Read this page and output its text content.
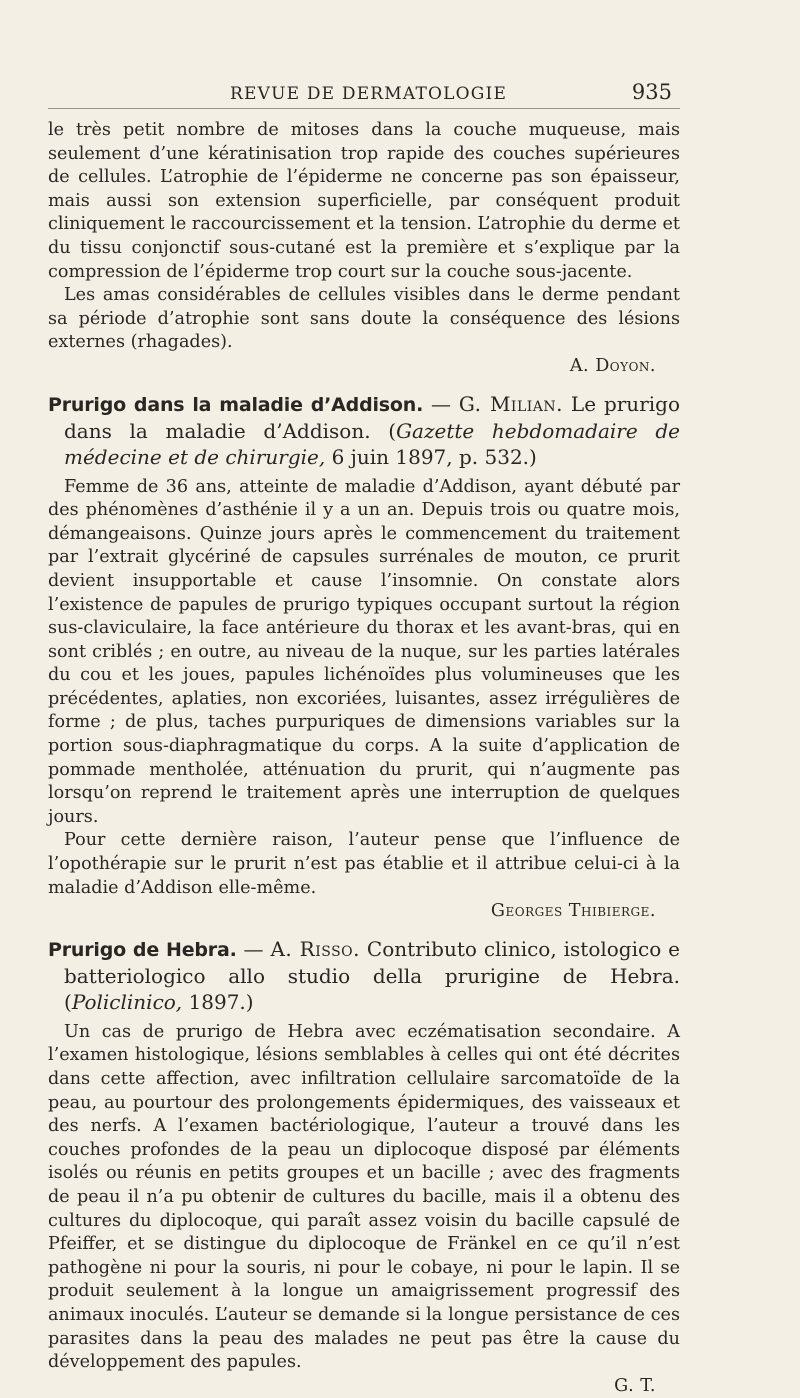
REVUE DE DERMATOLOGIE	935

le très petit nombre de mitoses dans la couche muqueuse, mais seulement d’une kératinisation trop rapide des couches supérieures de cellules. L’atrophie de l’épiderme ne concerne pas son épaisseur, mais aussi son extension superficielle, par conséquent produit cliniquement le raccourcissement et la tension. L’atrophie du derme et du tissu conjonctif sous-cutané est la première et s’explique par la compression de l’épiderme trop court sur la couche sous-jacente.

Les amas considérables de cellules visibles dans le derme pendant sa période d’atrophie sont sans doute la conséquence des lésions externes (rhagades).

A. Doyon.
Prurigo dans la maladie d’Addison. — G. Milian. Le prurigo dans la maladie d’Addison. (Gazette hebdomadaire de médecine et de chirurgie, 6 juin 1897, p. 532.)

Femme de 36 ans, atteinte de maladie d’Addison, ayant débuté par des phénomènes d’asthénie il y a un an. Depuis trois ou quatre mois, démangeaisons. Quinze jours après le commencement du traitement par l’extrait glycériné de capsules surrénales de mouton, ce prurit devient insupportable et cause l’insomnie. On constate alors l’existence de papules de prurigo typiques occupant surtout la région sus-claviculaire, la face antérieure du thorax et les avant-bras, qui en sont criblés ; en outre, au niveau de la nuque, sur les parties latérales du cou et les joues, papules lichénoïdes plus volumineuses que les précédentes, aplaties, non excoriées, luisantes, assez irrégulières de forme ; de plus, taches purpuriques de dimensions variables sur la portion sous-diaphragmatique du corps. A la suite d’application de pommade mentholée, atténuation du prurit, qui n’augmente pas lorsqu’on reprend le traitement après une interruption de quelques jours.

Pour cette dernière raison, l’auteur pense que l’influence de l’opothérapie sur le prurit n’est pas établie et il attribue celui-ci à la maladie d’Addison elle-même.

Georges Thibierge.
Prurigo de Hebra. — A. Risso. Contributo clinico, istologico e batteriologico allo studio della prurigine de Hebra. (Policlinico, 1897.)

Un cas de prurigo de Hebra avec eczématisation secondaire. A l’examen histologique, lésions semblables à celles qui ont été décrites dans cette affection, avec infiltration cellulaire sarcomatoïde de la peau, au pourtour des prolongements épidermiques, des vaisseaux et des nerfs. A l’examen bactériologique, l’auteur a trouvé dans les couches profondes de la peau un diplocoque disposé par éléments isolés ou réunis en petits groupes et un bacille ; avec des fragments de peau il n’a pu obtenir de cultures du bacille, mais il a obtenu des cultures du diplocoque, qui paraît assez voisin du bacille capsulé de Pfeiffer, et se distingue du diplocoque de Fränkel en ce qu’il n’est pathogène ni pour la souris, ni pour le cobaye, ni pour le lapin. Il se produit seulement à la longue un amaigrissement progressif des animaux inoculés. L’auteur se demande si la longue persistance de ces parasites dans la peau des malades ne peut pas être la cause du développement des papules.

G. T.
